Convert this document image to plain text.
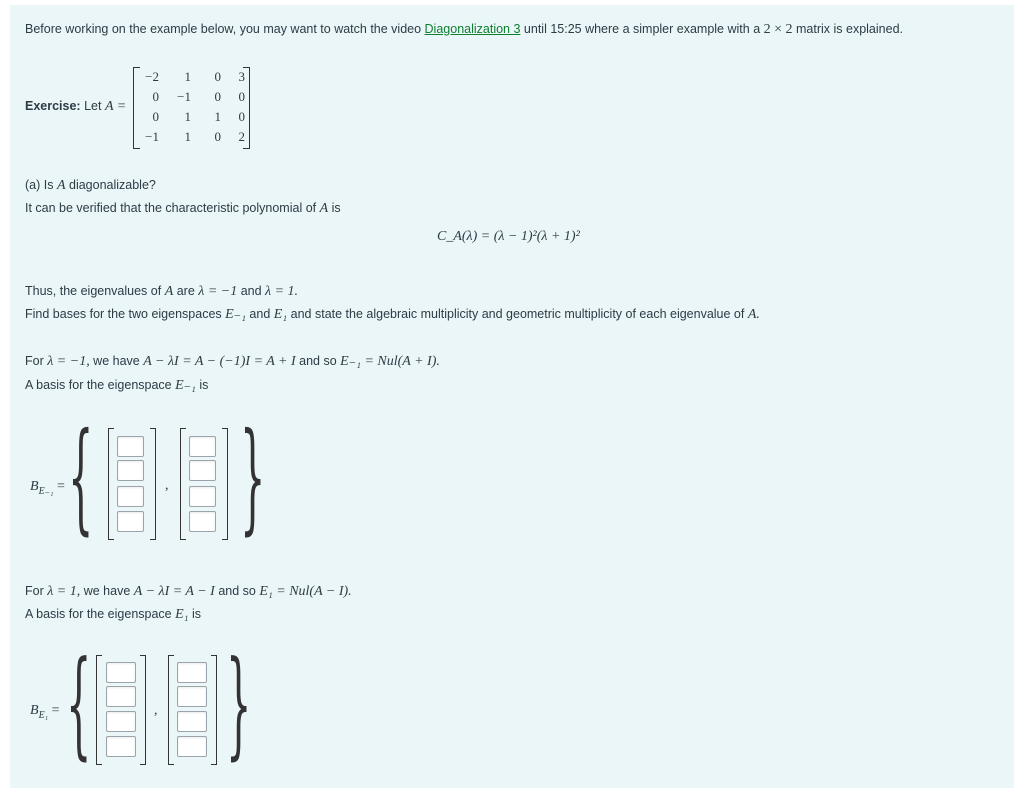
Before working on the example below, you may want to watch the video Diagonalization 3 until 15:25 where a simpler example with a 2 × 2 matrix is explained.
Exercise: Let A =
−2	1	0	3
0	−1	0	0
0	1	1	0
−1	1	0	2
(a) Is A diagonalizable?
It can be verified that the characteristic polynomial of A is
C_A(λ) = (λ − 1)²(λ + 1)²
Thus, the eigenvalues of A are λ = −1 and λ = 1.
Find bases for the two eigenspaces E₋₁ and E₁ and state the algebraic multiplicity and geometric multiplicity of each eigenvalue of A.
For λ = −1, we have A − λI = A − (−1)I = A + I and so E₋₁ = Nul(A + I).
A basis for the eigenspace E₋₁ is
$B_{E_{-1}}$ = {	}
,
For λ = 1, we have A − λI = A − I and so E₁ = Nul(A − I).
A basis for the eigenspace E₁ is
$B_{E_1}$ = {	}
,
